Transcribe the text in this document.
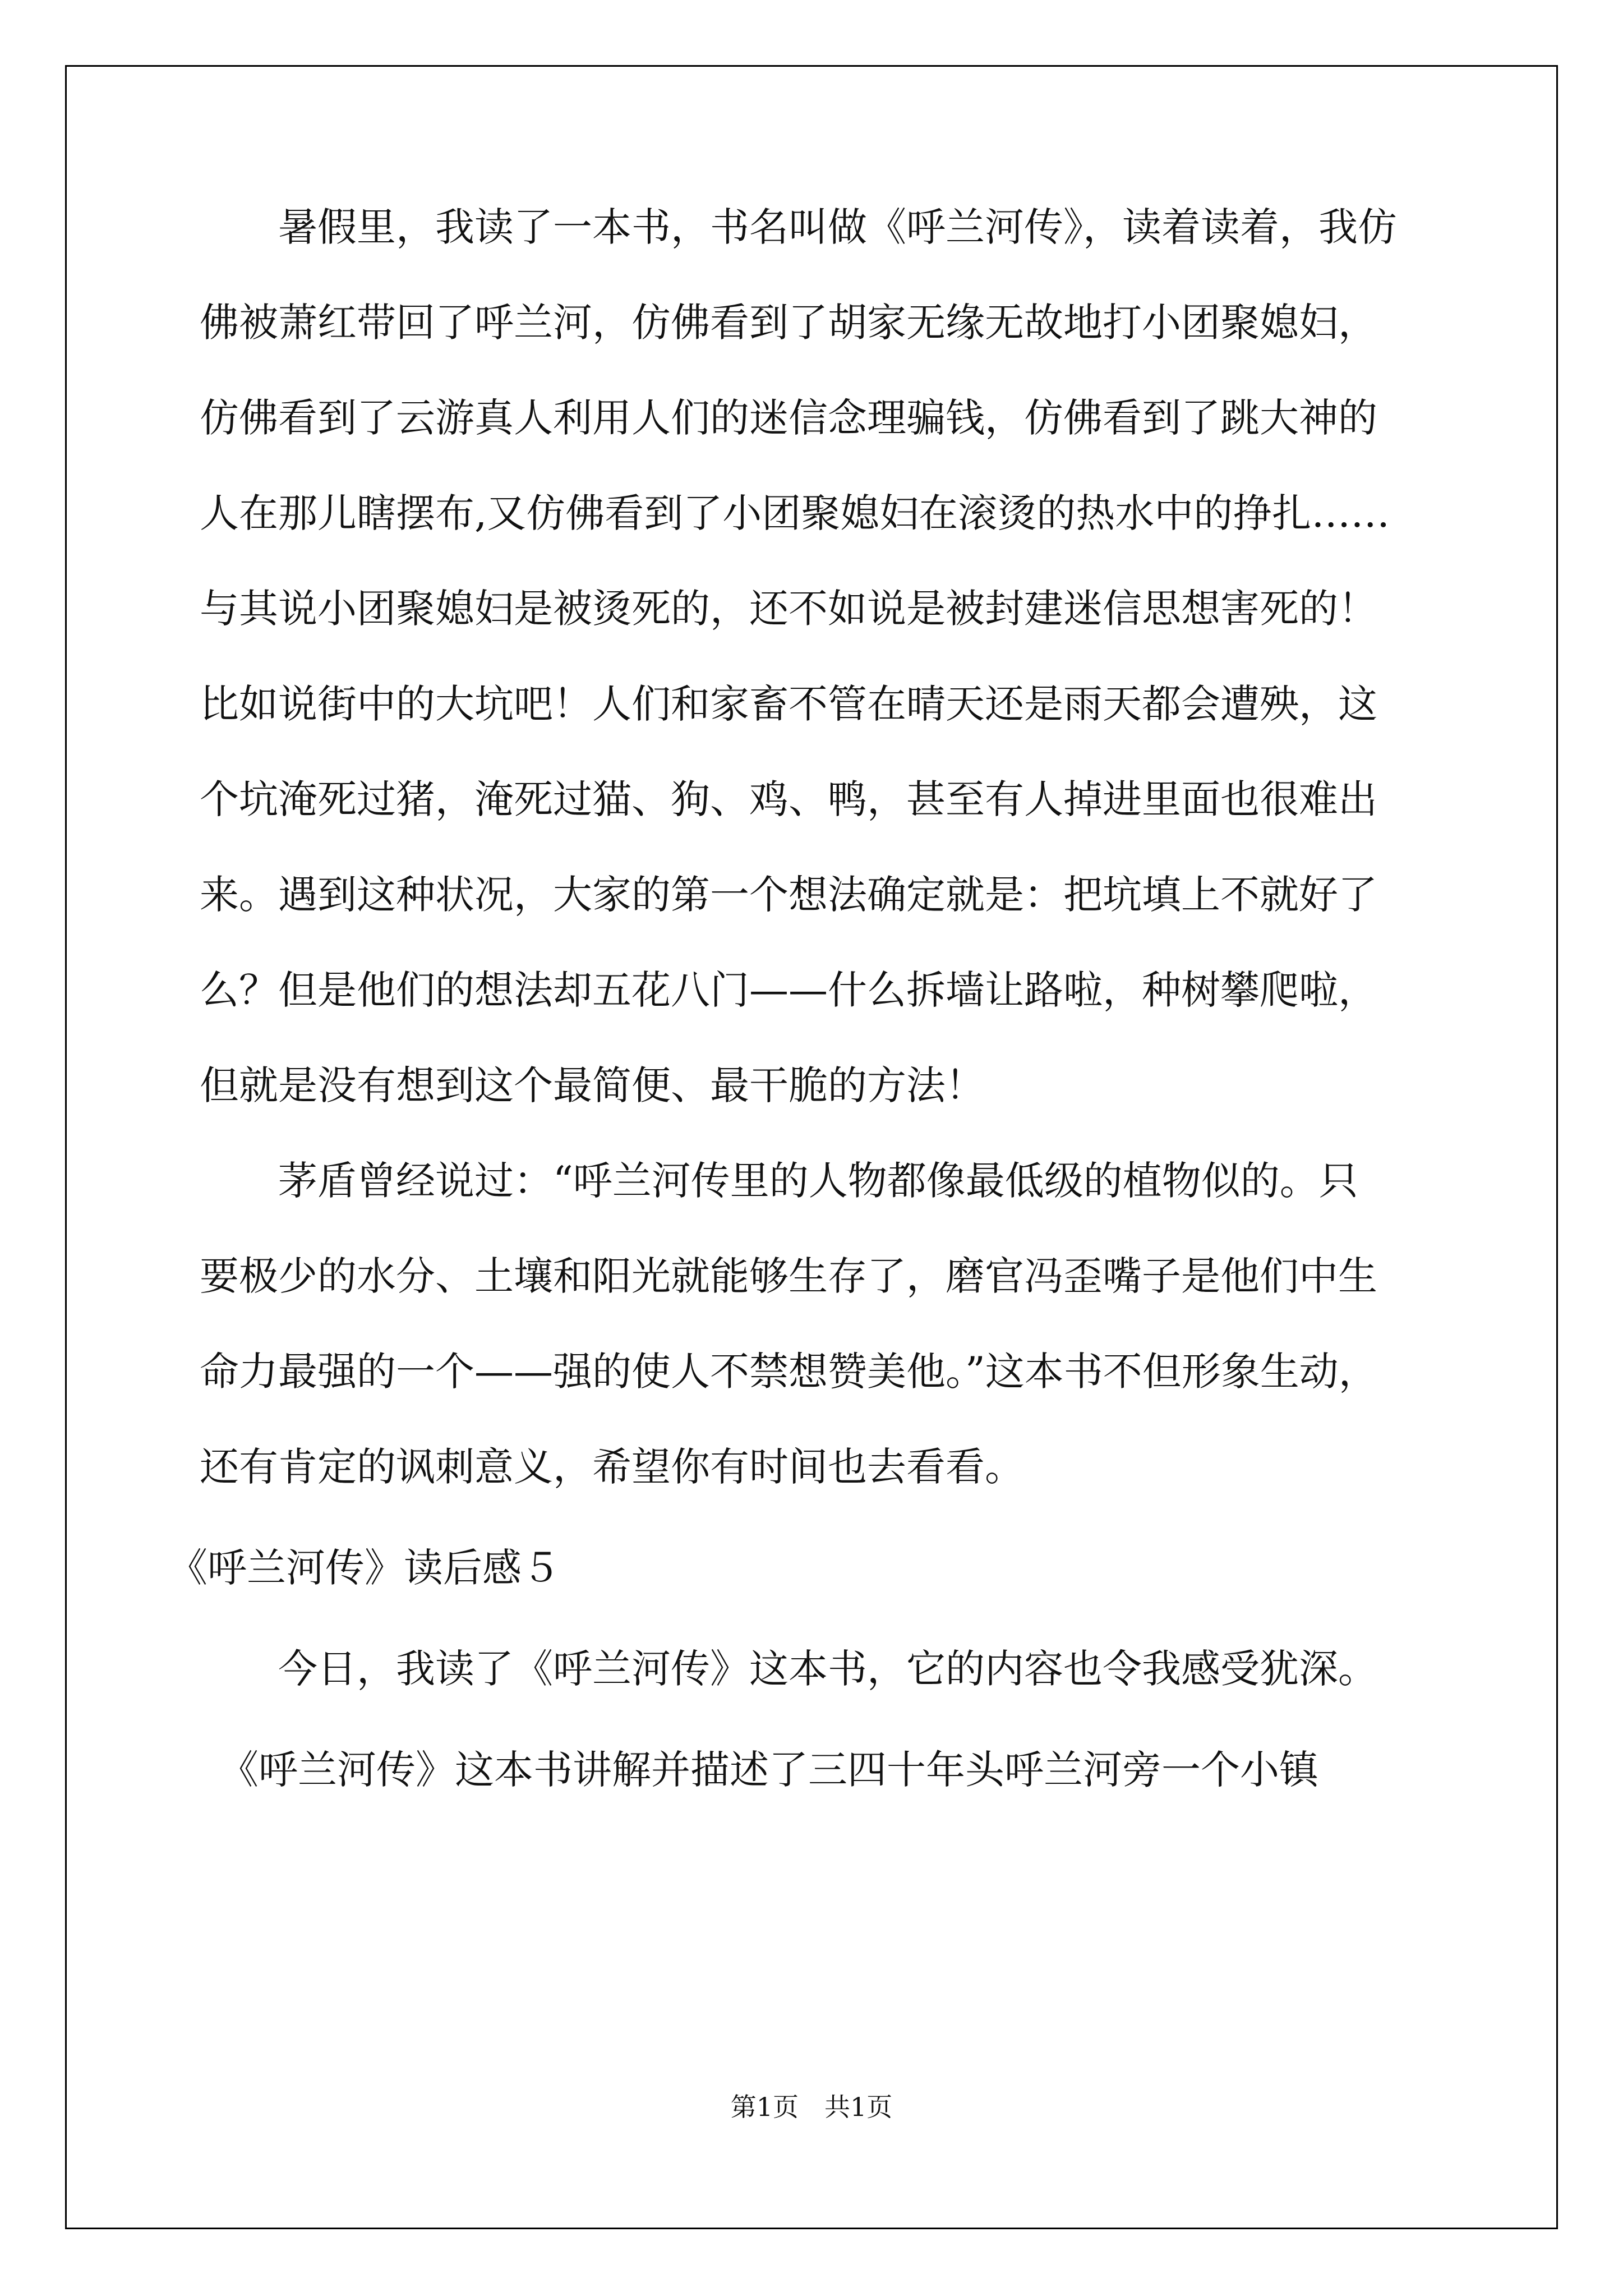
　　暑假里，我读了一本书，书名叫做《呼兰河传》，读着读着，我仿
佛被萧红带回了呼兰河，仿佛看到了胡家无缘无故地打小团聚媳妇，
仿佛看到了云游真人利用人们的迷信念理骗钱，仿佛看到了跳大神的
人在那儿瞎摆布,又仿佛看到了小团聚媳妇在滚烫的热水中的挣扎……
与其说小团聚媳妇是被烫死的，还不如说是被封建迷信思想害死的！
比如说街中的大坑吧！人们和家畜不管在晴天还是雨天都会遭殃，这
个坑淹死过猪，淹死过猫、狗、鸡、鸭，甚至有人掉进里面也很难出
来。遇到这种状况，大家的第一个想法确定就是：把坑填上不就好了
么？但是他们的想法却五花八门——什么拆墙让路啦，种树攀爬啦，
但就是没有想到这个最简便、最干脆的方法！
　　茅盾曾经说过：“呼兰河传里的人物都像最低级的植物似的。只
要极少的水分、土壤和阳光就能够生存了，磨官冯歪嘴子是他们中生
命力最强的一个——强的使人不禁想赞美他。”这本书不但形象生动，
还有肯定的讽刺意义，希望你有时间也去看看。
《呼兰河传》读后感５
　　今日，我读了《呼兰河传》这本书，它的内容也令我感受犹深。
　《呼兰河传》这本书讲解并描述了三四十年头呼兰河旁一个小镇
第1页　共1页
